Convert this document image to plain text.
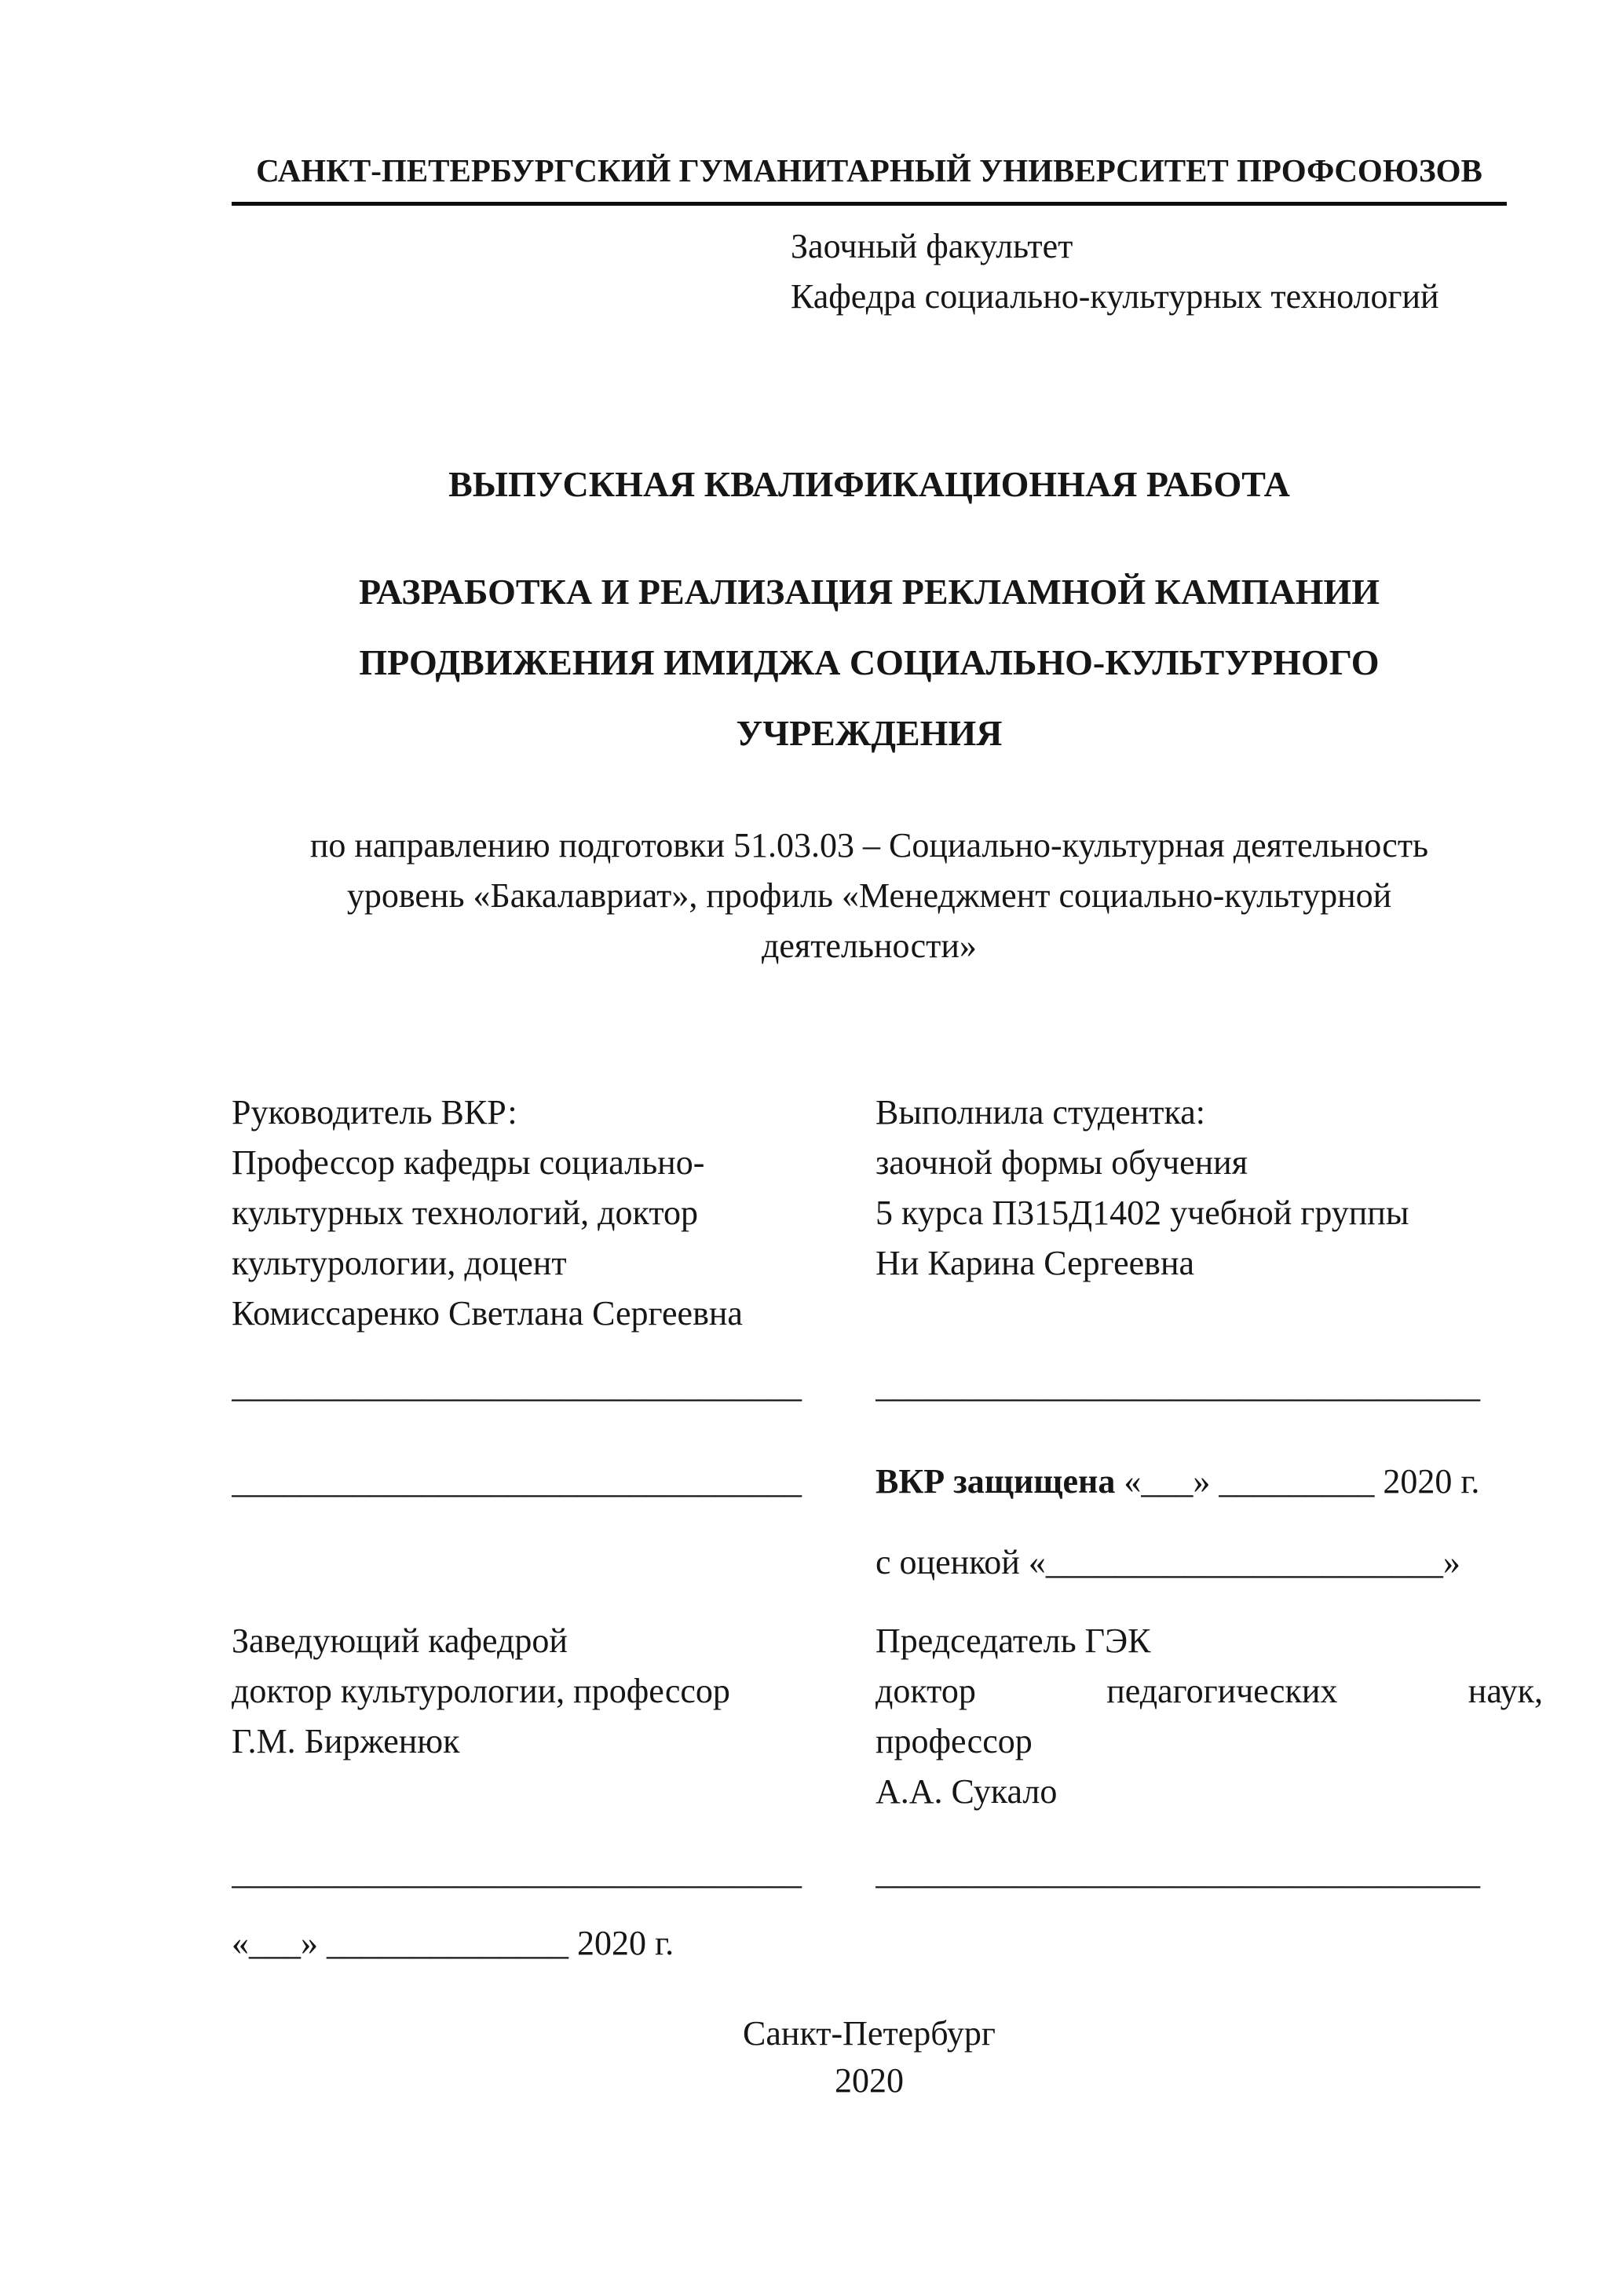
САНКТ-ПЕТЕРБУРГСКИЙ ГУМАНИТАРНЫЙ УНИВЕРСИТЕТ ПРОФСОЮЗОВ
Заочный факультет
Кафедра социально-культурных технологий
ВЫПУСКНАЯ КВАЛИФИКАЦИОННАЯ РАБОТА
РАЗРАБОТКА И РЕАЛИЗАЦИЯ РЕКЛАМНОЙ КАМПАНИИ
ПРОДВИЖЕНИЯ ИМИДЖА СОЦИАЛЬНО-КУЛЬТУРНОГО
УЧРЕЖДЕНИЯ
по направлению подготовки 51.03.03 – Социально-культурная деятельность
уровень «Бакалавриат», профиль «Менеджмент социально-культурной
деятельности»
Руководитель ВКР:
Профессор кафедры социально-
культурных технологий, доктор
культурологии, доцент
Комиссаренко Светлана Сергеевна
_________________________________
_________________________________
Заведующий кафедрой
доктор культурологии, профессор
Г.М. Бирженюк
_________________________________
«___» ______________ 2020 г.
Выполнила студентка:
заочной формы обучения
5 курса П315Д1402 учебной группы
Ни Карина Сергеевна
___________________________________
ВКР защищена «___» _________ 2020 г.
с оценкой «_______________________»
Председатель ГЭК
доктор педагогических наук,
профессор
А.А. Сукало
___________________________________
Санкт-Петербург
2020
